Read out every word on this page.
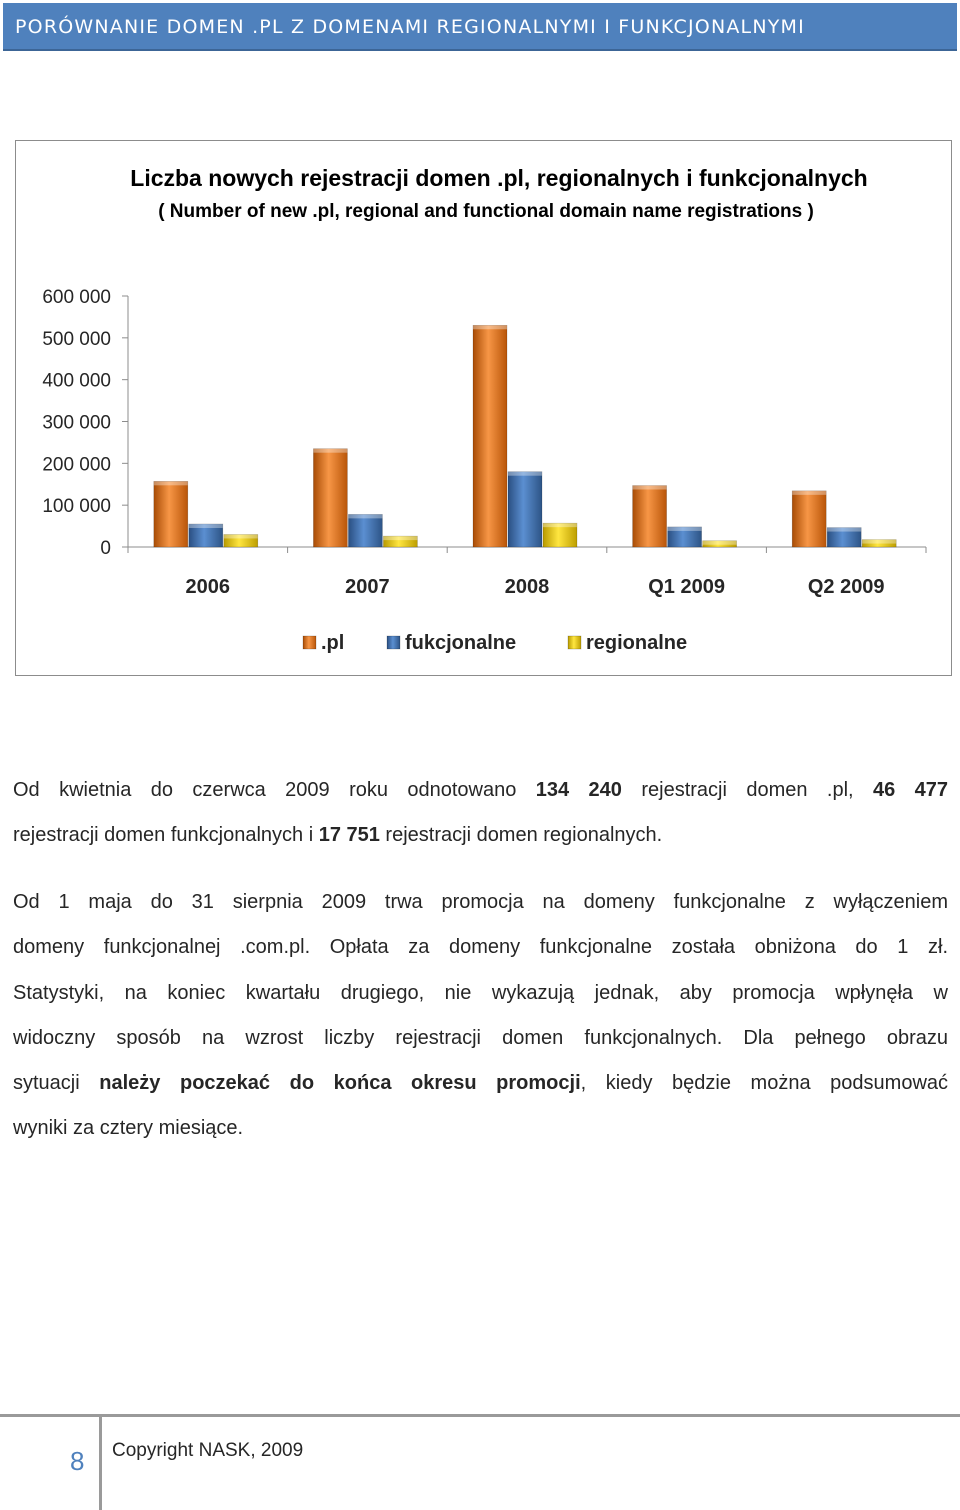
PORÓWNANIE DOMEN .PL Z DOMENAMI REGIONALNYMI I FUNKCJONALNYMI
Liczba nowych rejestracji domen .pl, regionalnych i funkcjonalnych
( Number of new .pl, regional and functional domain name registrations )
600 000
500 000
400 000
300 000
200 000
100 000
0
2006	2007	2008	Q1 2009	Q2 2009
.pl	fukcjonalne	regionalne
Od kwietnia do czerwca 2009 roku odnotowano 134 240 rejestracji domen .pl, 46 477
rejestracji domen funkcjonalnych i 17 751 rejestracji domen regionalnych.
Od 1 maja do 31 sierpnia 2009 trwa promocja na domeny funkcjonalne z wyłączeniem
domeny funkcjonalnej .com.pl. Opłata za domeny funkcjonalne została obniżona do 1 zł.
Statystyki, na koniec kwartału drugiego, nie wykazują jednak, aby promocja wpłynęła w
widoczny sposób na wzrost liczby rejestracji domen funkcjonalnych. Dla pełnego obrazu
sytuacji należy poczekać do końca okresu promocji, kiedy będzie można podsumować
wyniki za cztery miesiące.
8 Copyright NASK, 2009
